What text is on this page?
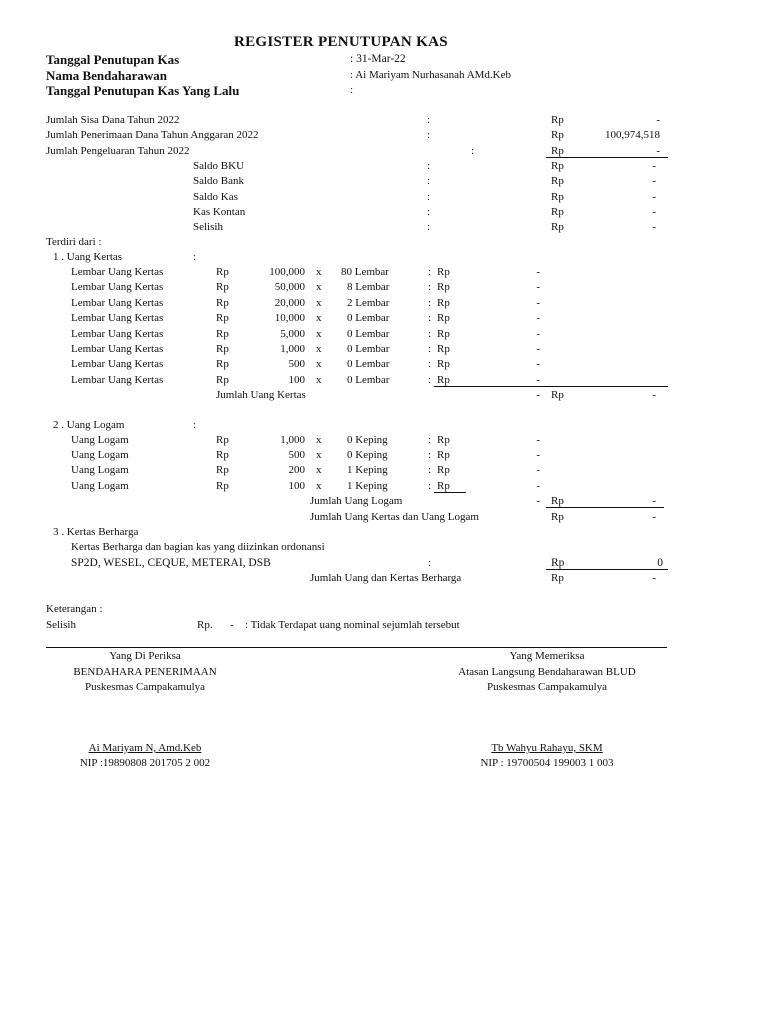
REGISTER PENUTUPAN KAS
Tanggal Penutupan Kas	: 31-Mar-22
Nama Bendaharawan	: Ai Mariyam Nurhasanah AMd.Keb
Tanggal Penutupan Kas Yang Lalu	:
Jumlah Sisa Dana Tahun 2022	:	Rp	-
Jumlah Penerimaan Dana Tahun Anggaran 2022	:	Rp	100,974,518
Jumlah Pengeluaran Tahun 2022	:	Rp	-
Saldo BKU	:	Rp	-
Saldo Bank	:	Rp	-
Saldo Kas	:	Rp	-
Kas Kontan	:	Rp	-
Selisih	:	Rp	-
Terdiri dari :
1 . Uang Kertas	:
Lembar Uang Kertas	Rp	100,000 x 80 Lembar	: Rp	-
Lembar Uang Kertas	Rp	50,000 x 8 Lembar	: Rp	-
Lembar Uang Kertas	Rp	20,000 x 2 Lembar	: Rp	-
Lembar Uang Kertas	Rp	10,000 x 0 Lembar	: Rp	-
Lembar Uang Kertas	Rp	5,000 x 0 Lembar	: Rp	-
Lembar Uang Kertas	Rp	1,000 x 0 Lembar	: Rp	-
Lembar Uang Kertas	Rp	500 x 0 Lembar	: Rp	-
Lembar Uang Kertas	Rp	100 x 0 Lembar	: Rp	-
Jumlah Uang Kertas	- Rp	-
2 . Uang Logam	:
Uang Logam	Rp	1,000 x 0 Keping	: Rp	-
Uang Logam	Rp	500 x 0 Keping	: Rp	-
Uang Logam	Rp	200 x 1 Keping	: Rp	-
Uang Logam	Rp	100 x 1 Keping	: Rp	-
Jumlah Uang Logam	- Rp	-
Jumlah Uang Kertas dan Uang Logam	Rp	-
3 . Kertas Berharga
Kertas Berharga dan bagian kas yang diizinkan ordonansi
SP2D, WESEL, CEQUE, METERAI, DSB	:	Rp	0
Jumlah Uang dan Kertas Berharga	Rp	-
Keterangan :
Selisih	Rp. - : Tidak Terdapat uang nominal sejumlah tersebut
Yang Di Periksa
BENDAHARA PENERIMAAN
Puskesmas Campakamulya
Ai Mariyam N, Amd.Keb
NIP :19890808 201705 2 002
Yang Memeriksa
Atasan Langsung Bendaharawan BLUD
Puskesmas Campakamulya
Tb Wahyu Rahayu, SKM
NIP : 19700504 199003 1 003
